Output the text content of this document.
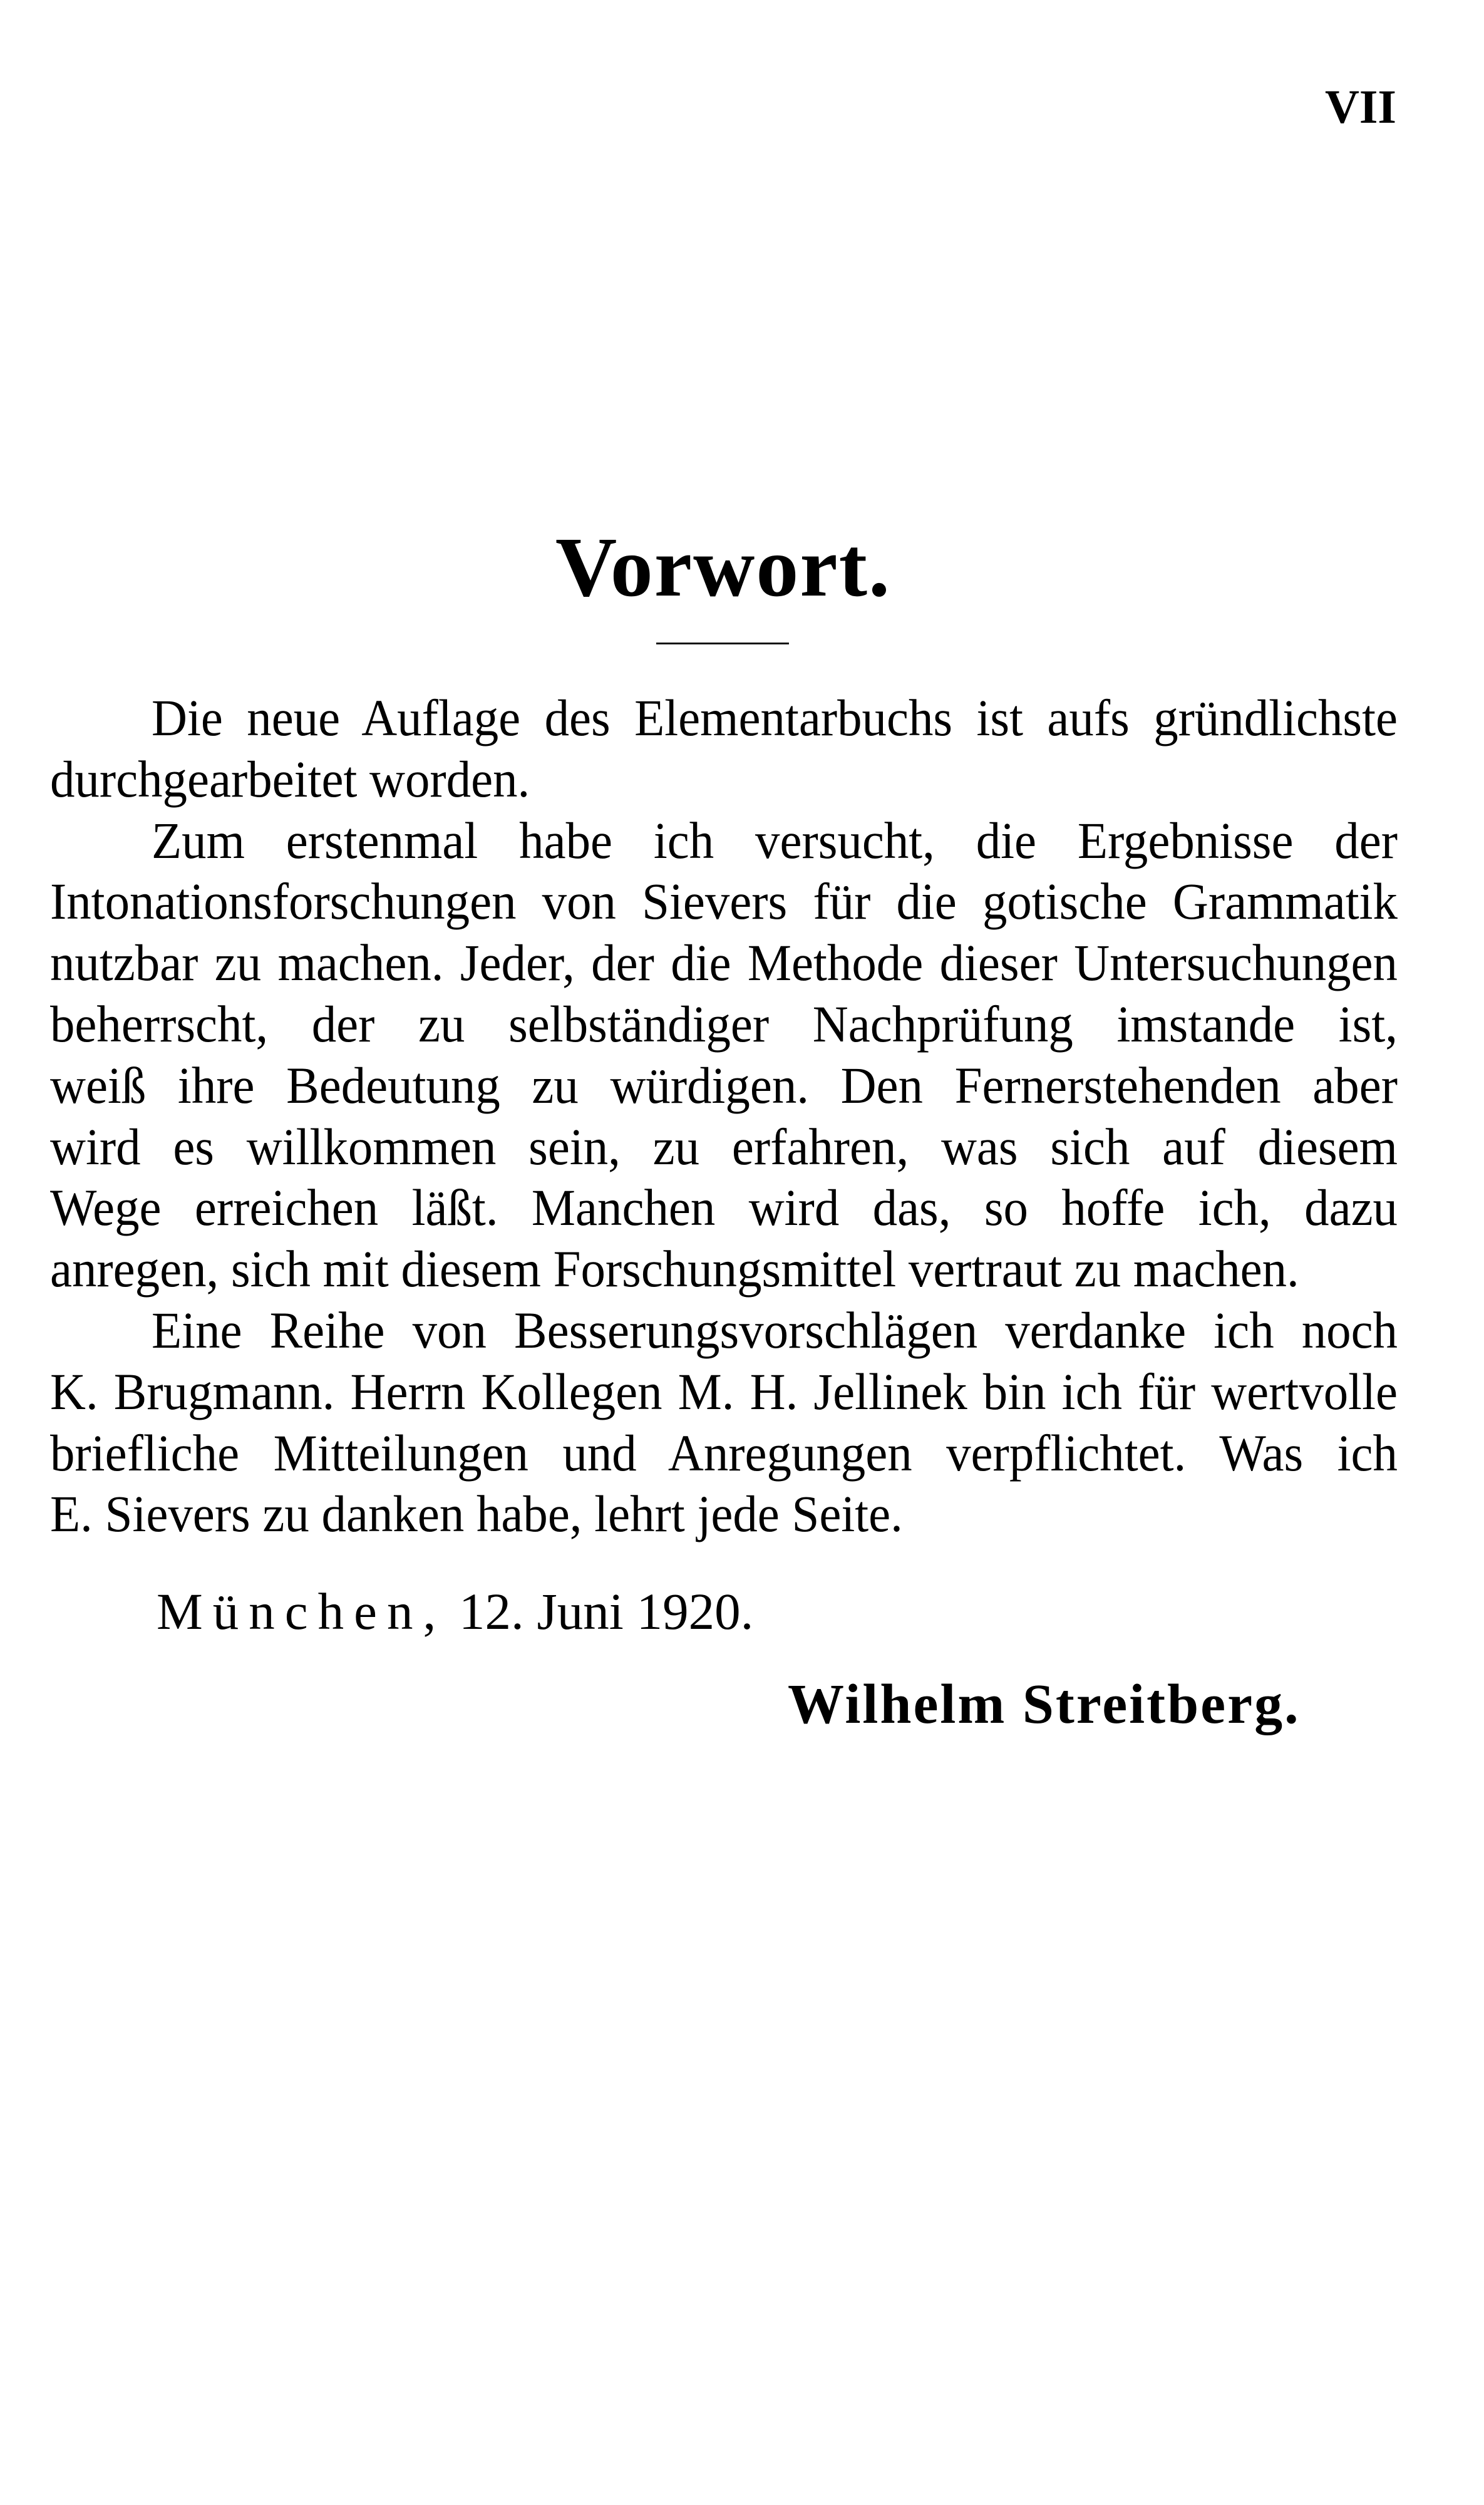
VII
Vorwort.
Die neue Auflage des Elementarbuchs ist aufs gründlichste
durchgearbeitet worden.
Zum erstenmal habe ich versucht, die Ergebnisse der
Intonationsforschungen von Sievers für die gotische Grammatik
nutzbar zu machen. Jeder, der die Methode dieser Untersuchungen
beherrscht, der zu selbständiger Nachprüfung imstande ist,
weiß ihre Bedeutung zu würdigen. Den Fernerstehenden aber
wird es willkommen sein, zu erfahren, was sich auf diesem
Wege erreichen läßt. Manchen wird das, so hoffe ich, dazu
anregen, sich mit diesem Forschungsmittel vertraut zu machen.
Eine Reihe von Besserungsvorschlägen verdanke ich noch
K. Brugmann. Herrn Kollegen M. H. Jellinek bin ich für wertvolle
briefliche Mitteilungen und Anregungen verpflichtet. Was ich
E. Sievers zu danken habe, lehrt jede Seite.
München, 12. Juni 1920.
Wilhelm Streitberg.
